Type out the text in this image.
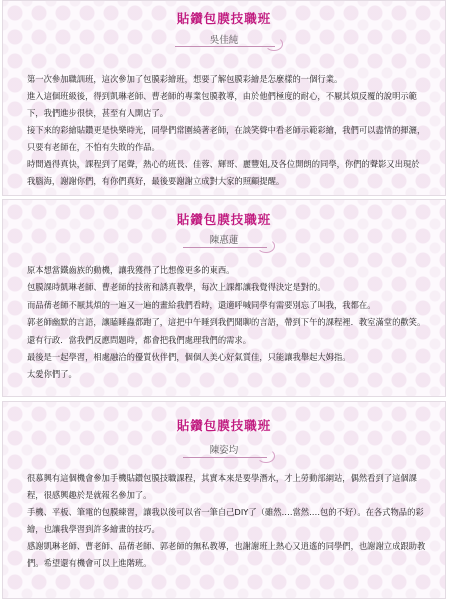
貼鑽包膜技職班
吳佳純

第一次參加職訓班，這次參加了包膜彩繪班，想要了解包膜彩繪是怎麼樣的一個行業。

進入這個班級後，得到凱琳老師、曹老師的專業包膜教導，由於他們極度的耐心，不厭其煩反覆的說明示範下，我們進步很快，甚至有人開店了。

接下來的彩繪貼鑽更是快樂時光，同學們常圍繞著老師，在談笑聲中看老師示範彩繪，我們可以盡情的揮灑，只要有老師在，不怕有失敗的作品。

時間過得真快，課程到了尾聲，熱心的班長、佳蓉、輝哥、麗豐姐,及各位開朗的同學，你們的聲影又出現於我腦海，謝謝你們，有你們真好，最後要謝謝立成對大家的照顧提醒。

貼鑽包膜技職班
陳惠蓮

原本想當鐵齒族的動機，讓我獲得了比想像更多的東西。

包膜課時凱琳老師、曹老師的技術和誘真教學，每次上課都讓我覺得決定是對的。

而品蒨老師不厭其煩的一遍又一遍的畫給我們看時，還適呼喊同學有需要別忘了叫我，我都在。

郭老師幽默的言語，讓瞌睡蟲都跑了，這把中午睡到我們聞聊的言語，帶到下午的課程裡．教室滿堂的歡笑。

還有行政．當我們反應問題時，都會把我們處理我們的需求。

最後是一起學習，相處融洽的優質伙伴們，個個人美心好氣質佳，只能讓我舉起大姆指。

太愛你們了。

貼鑽包膜技職班
陳姿均

很慕興有這個機會參加手機貼鑽包膜技職課程，其實本來是要學潛水，才上勞動部網站，偶然看到了這個課程，很感興趣於是就報名參加了。

手機、平板、筆電的包膜練習，讓我以後可以省一筆自己DIY了（雖然….當然….包的不好）。在各式物品的彩繪，也讓我學習到許多繪畫的技巧。

感謝凱琳老師、曹老師、品蒨老師、郭老師的無私教導，也謝謝班上熱心又逍遙的同學們，也謝謝立成跟助教們。希望還有機會可以上進階班。
